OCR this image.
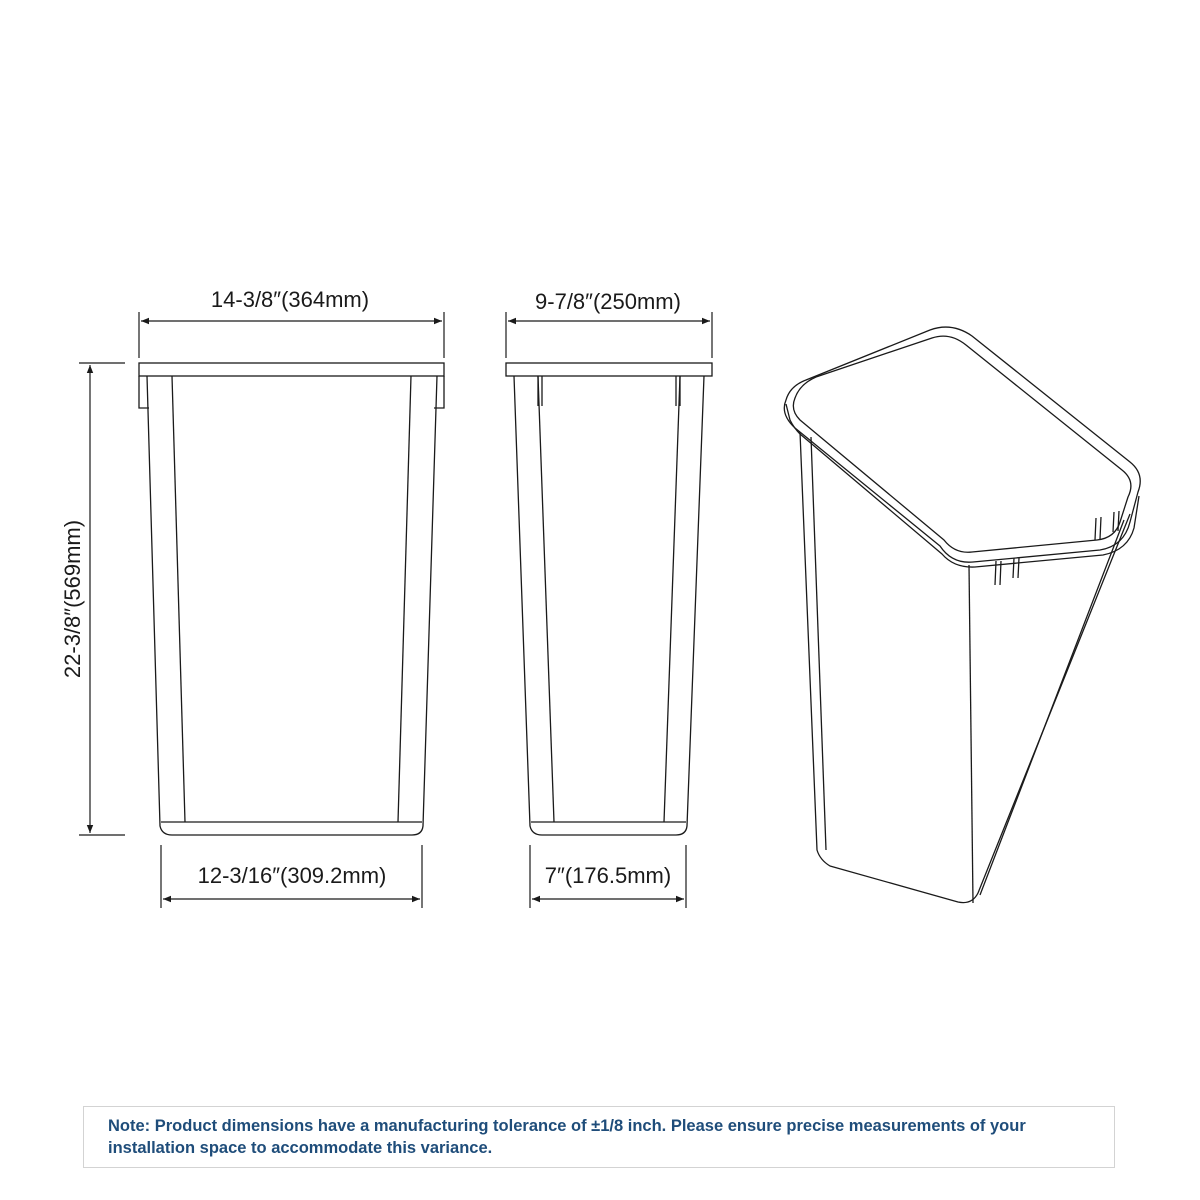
14-3/8″(364mm)	9-7/8″(250mm)
22-3/8″(569mm)
12-3/16″(309.2mm)	7″(176.5mm)
Note: Product dimensions have a manufacturing tolerance of ±1/8 inch. Please ensure precise measurements of your installation space to accommodate this variance.
